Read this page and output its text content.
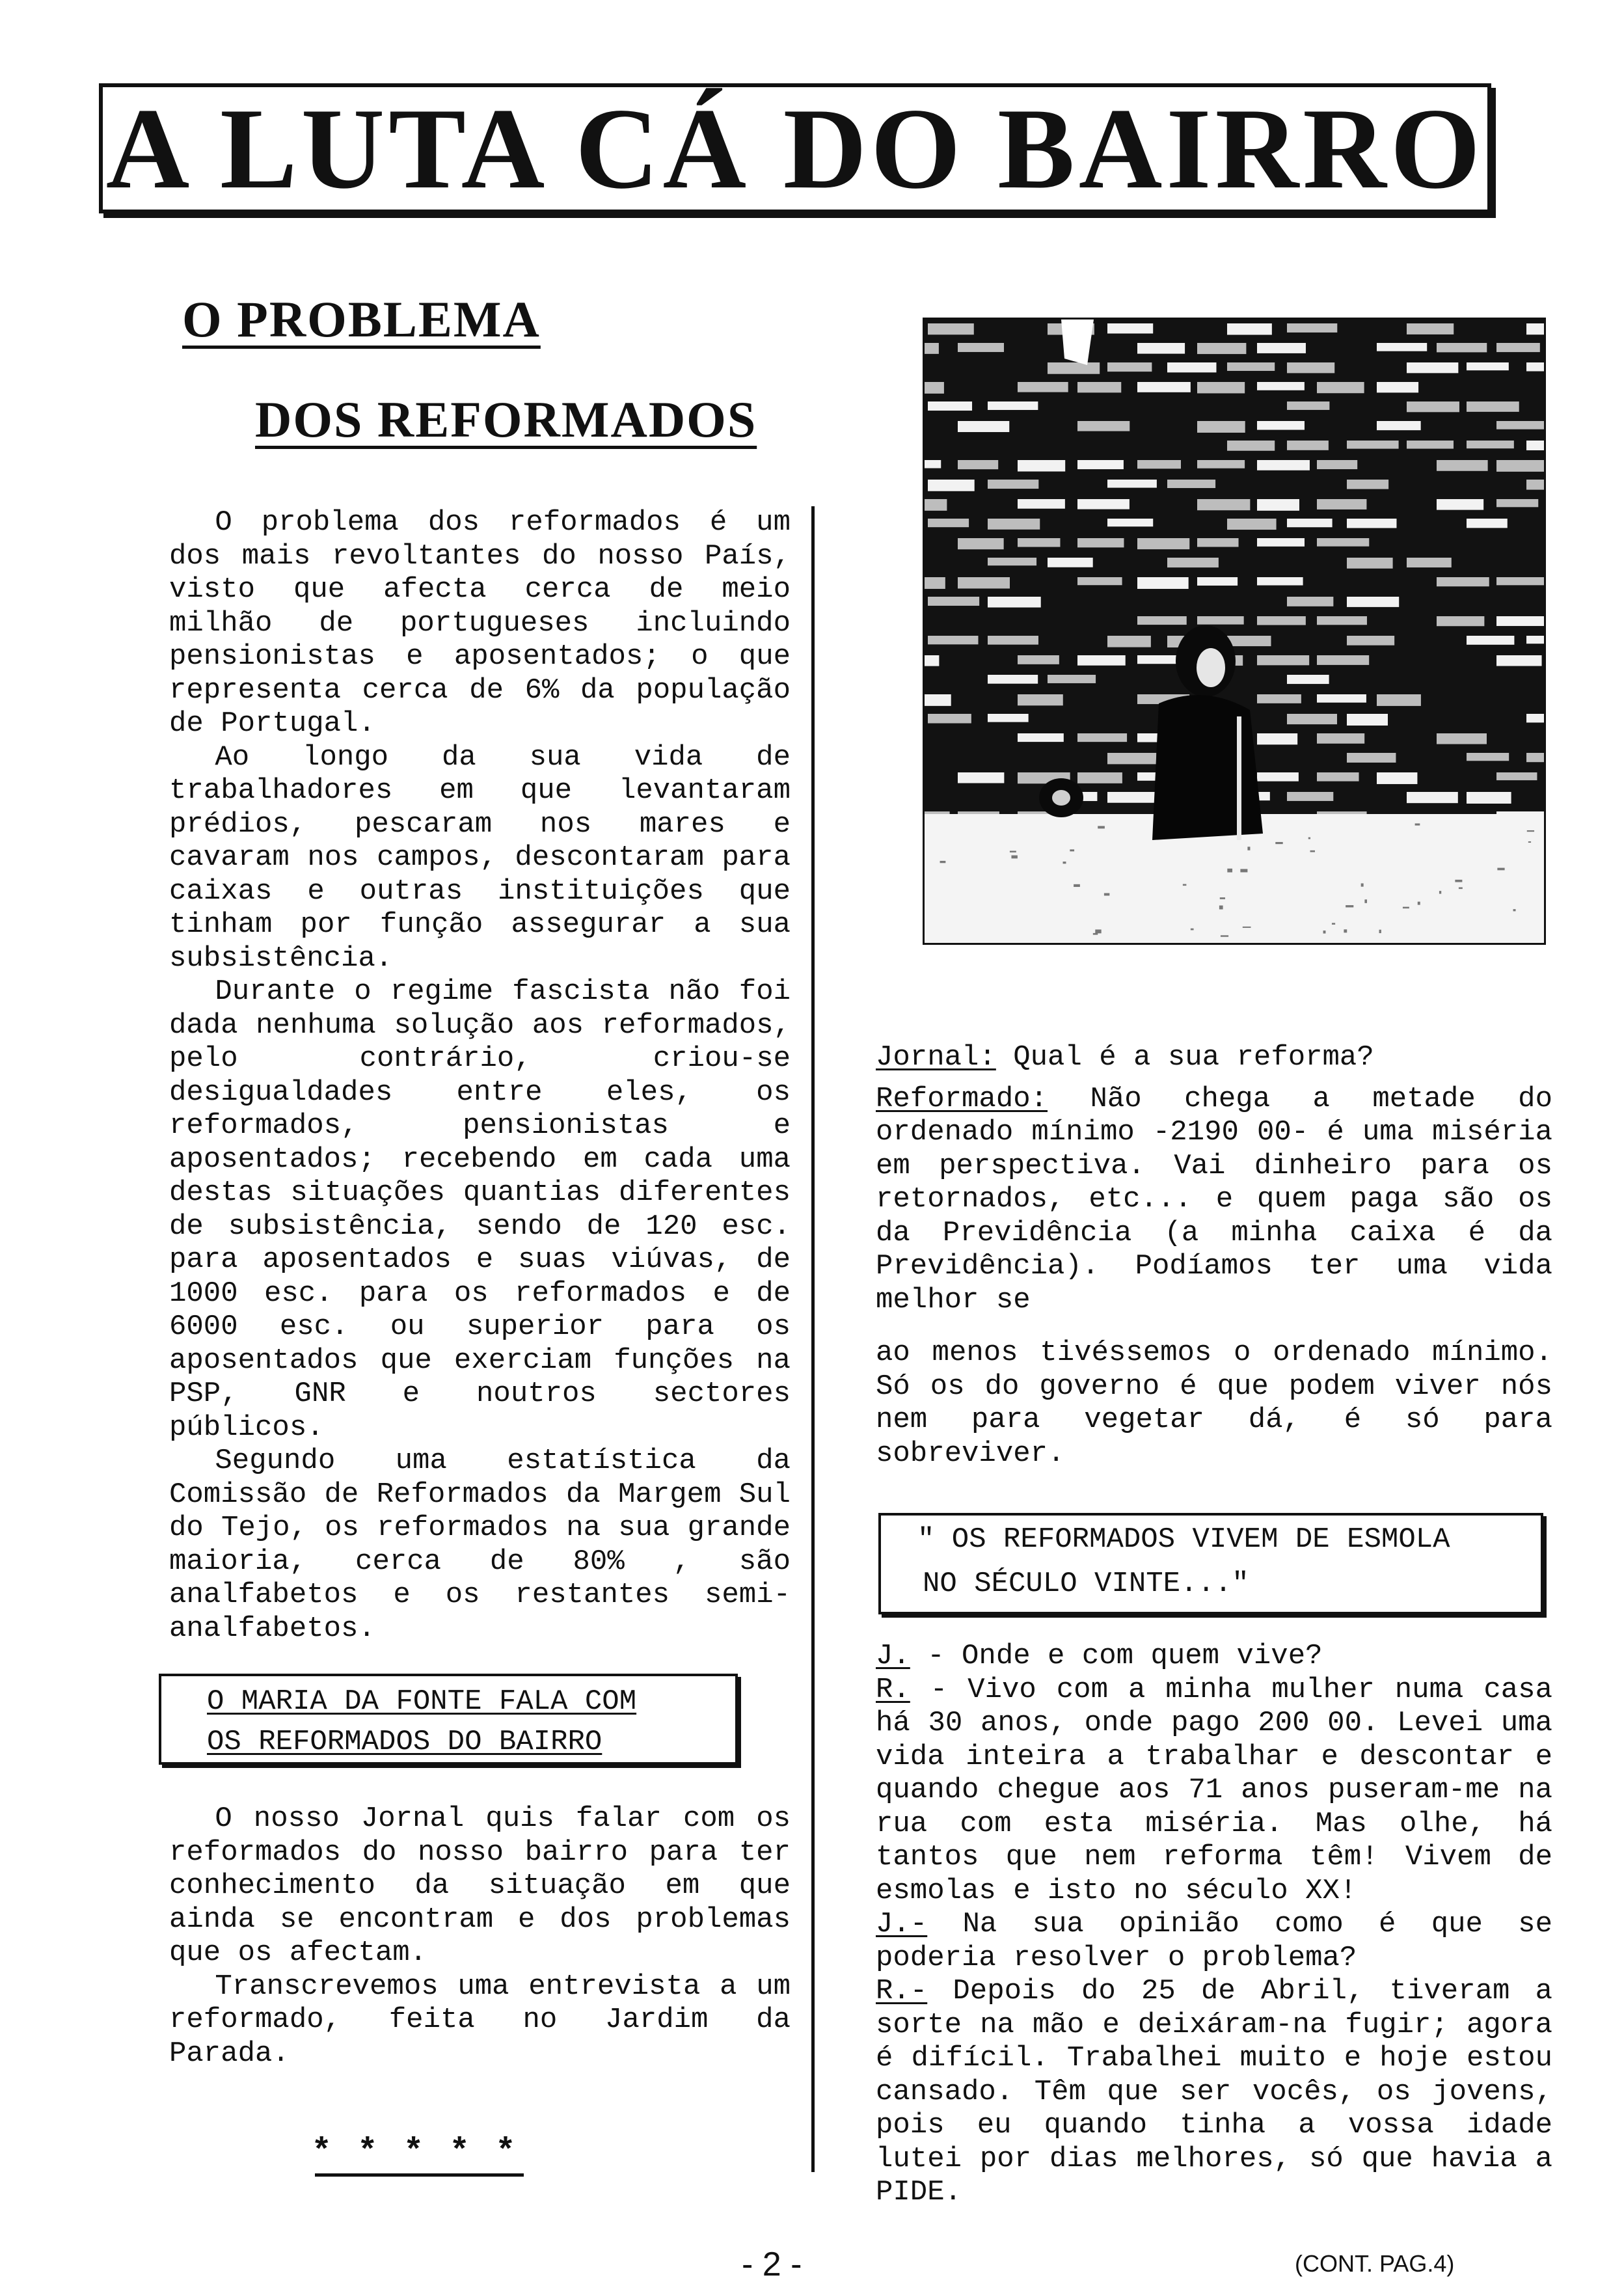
A LUTA CÁ DO BAIRRO
O PROBLEMA
DOS REFORMADOS

O problema dos reformados é um dos mais revoltantes do nosso País, visto que afecta cerca de meio milhão de portugueses incluindo pensionistas e aposentados; o que representa cerca de 6% da população de Portugal.

Ao longo da sua vida de trabalhadores em que levantaram prédios, pescaram nos mares e cavaram nos campos, descontaram para caixas e outras instituições que tinham por função assegurar a sua subsistência.

Durante o regime fascista não foi dada nenhuma solução aos reformados, pelo contrário, criou-se desigualdades entre eles, os reformados, pensionistas e aposentados; recebendo em cada uma destas situações quantias diferentes de subsistência, sendo de 120 esc. para aposentados e suas viúvas, de 1000 esc. para os reformados e de 6000 esc. ou superior para os aposentados que exerciam funções na PSP, GNR e noutros sectores públicos.

Segundo uma estatística da Comissão de Reformados da Margem Sul do Tejo, os reformados na sua grande maioria, cerca de 80% , são analfabetos e os restantes semi-analfabetos.

O MARIA DA FONTE FALA COM
OS REFORMADOS DO BAIRRO

O nosso Jornal quis falar com os reformados do nosso bairro para ter conhecimento da situação em que ainda se encontram e dos problemas que os afectam.

Transcrevemos uma entrevista a um reformado, feita no Jardim da Parada.

* * * * *

Jornal: Qual é a sua reforma?

Reformado: Não chega a metade do ordenado mínimo -2190 00- é uma miséria em perspectiva. Vai dinheiro para os retornados, etc... e quem paga são os da Previdência (a minha caixa é da Previdência). Podíamos ter uma vida melhor se

ao menos tivéssemos o ordenado mínimo. Só os do governo é que podem viver nós nem para vegetar dá, é só para sobreviver.

" OS REFORMADOS VIVEM DE ESMOLA
NO SÉCULO VINTE..."

J. - Onde e com quem vive?

R. - Vivo com a minha mulher numa casa há 30 anos, onde pago 200 00. Levei uma vida inteira a trabalhar e descontar e quando chegue aos 71 anos puseram-me na rua com esta miséria. Mas olhe, há tantos que nem reforma têm! Vivem de esmolas e isto no século XX!

J.- Na sua opinião como é que se poderia resolver o problema?

R.- Depois do 25 de Abril, tiveram a sorte na mão e deixáram-na fugir; agora é difícil. Trabalhei muito e hoje estou cansado. Têm que ser vocês, os jovens, pois eu quando tinha a vossa idade lutei por dias melhores, só que havia a PIDE.

- 2 -	(CONT. PAG.4)
